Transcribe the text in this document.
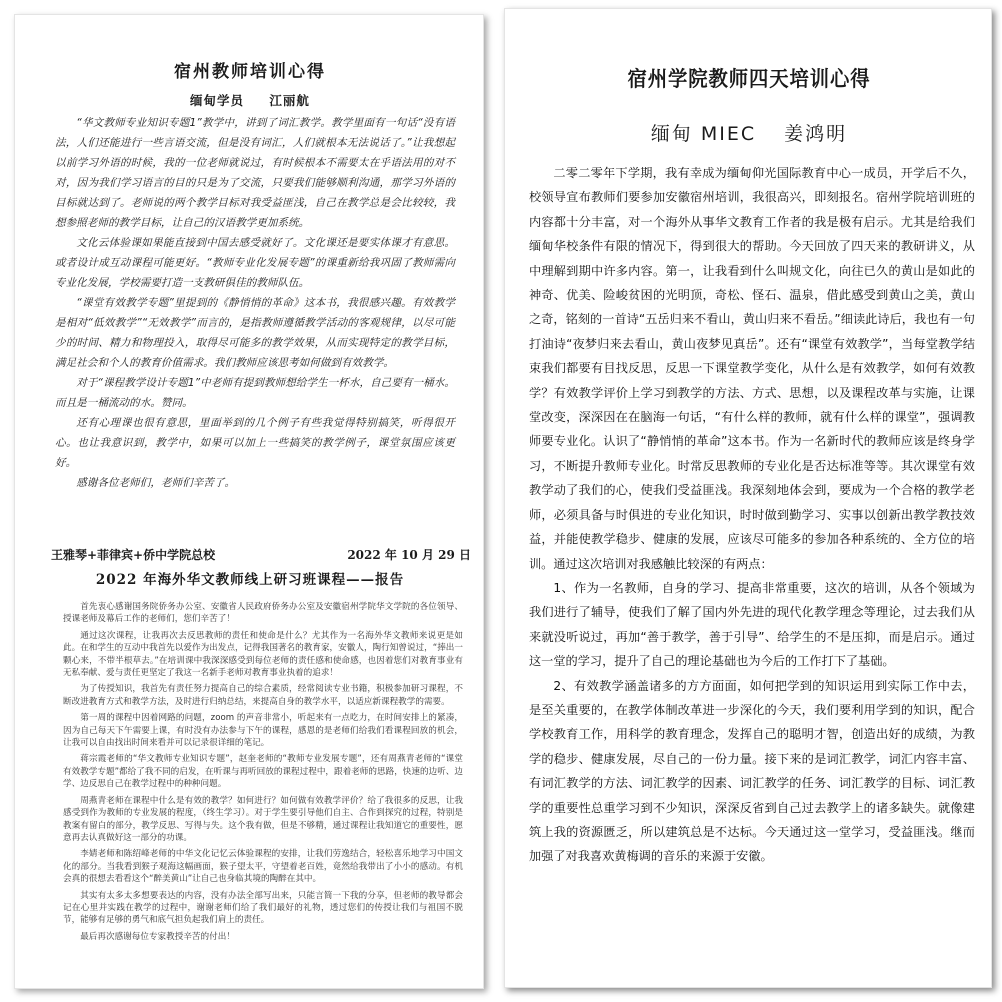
宿州教师培训心得
缅甸学员 江丽航

“华文教师专业知识专题1”教学中，讲到了词汇教学。教学里面有一句话“没有语法，人们还能进行一些言语交流，但是没有词汇，人们就根本无法说话了。”让我想起以前学习外语的时候，我的一位老师就说过，有时候根本不需要太在乎语法用的对不对，因为我们学习语言的目的只是为了交流，只要我们能够顺利沟通，那学习外语的目标就达到了。老师说的两个教学目标对我受益匪浅，自己在教学总是会比较较，我想参照老师的教学目标，让自己的汉语教学更加系统。

文化云体验课如果能直接到中国去感受就好了。文化课还是要实体课才有意思。或者设计成互动课程可能更好。“教师专业化发展专题”的课重新给我巩固了教师需向专业化发展，学校需要打造一支教研俱佳的教师队伍。

“课堂有效教学专题”里提到的《静悄悄的革命》这本书，我很感兴趣。有效教学是相对“低效教学”“无效教学”而言的，是指教师遵循教学活动的客观规律，以尽可能少的时间、精力和物理投入，取得尽可能多的教学效果，从而实现特定的教学目标，满足社会和个人的教育价值需求。我们教师应该思考如何做到有效教学。

对于“课程教学设计专题1”中老师有提到教师想给学生一杯水，自己要有一桶水。而且是一桶流动的水。赞同。

还有心理课也很有意思，里面举到的几个例子有些我觉得特别搞笑，听得很开心。也让我意识到，教学中，如果可以加上一些搞笑的教学例子，课堂氛围应该更好。

感谢各位老师们，老师们辛苦了。

王雅琴+菲律宾+侨中学院总校	2022 年 10 月 29 日
2022 年海外华文教师线上研习班课程——报告

首先衷心感谢国务院侨务办公室、安徽省人民政府侨务办公室及安徽宿州学院华文学院的各位领导、授课老师及幕后工作的老师们，您们辛苦了！

通过这次课程，让我再次去反思教师的责任和使命是什么？尤其作为一名海外华文教师来说更是如此。在和学生的互动中我首先以爱作为出发点，记得我国著名的教育家，安徽人，陶行知曾说过，“捧出一颗心来，不带半根草去。”在培训课中我深深感受到每位老师的责任感和使命感，也因着您们对教育事业有无私奉献、爱与责任更坚定了我这一名新手老师对教育事业执着的追求！

为了传授知识，我首先有责任努力提高自己的综合素质，经常阅读专业书籍，积极参加研习课程，不断改进教育方式和教学方法，及时进行归纳总结，来提高自身的教学水平，以适应新课程教学的需要。

第一周的课程中因着网路的问题，zoom 的声音非常小，听起来有一点吃力，在时间安排上的紧凑，因为自己每天下午需要上课，有时没有办法参与下午的课程，感恩的是老师们给我们看课程回放的机会，让我可以自由找出时间来看并可以记录很详细的笔记。

蒋宗霞老师的“华文教师专业知识专题”，赵奎老师的“教师专业发展专题”，还有周燕青老师的“课堂有效教学专题”都给了我不同的启发，在听课与再听回放的课程过程中，跟着老师的思路，快速的边听、边学、边反思自己在教学过程中的种种问题。

周燕青老师在课程中什么是有效的教学？如何进行？如何做有效教学评价？给了我很多的反思，让我感受到作为教师的专业发展的程度，（终生学习）。对于学生要引导他们自主、合作到探究的过程，特别是教案有留白的部分，教学反思、写得与失。这个我有做，但是不够精，通过课程让我知道它的重要性，愿意再去认真做好这一部分的功课。

李婧老师和陈绍峰老师的中华文化记忆云体验课程的安排，让我们劳逸结合，轻松喜乐地学习中国文化的部分。当我看到猴子观海这幅画面，猴子望太平，守望着老百姓，竟然给我带出了小小的感动。有机会真的很想去看看这个“醉美黄山”让自己也身临其境的陶醉在其中。

其实有太多太多想要表达的内容，没有办法全部写出来，只能言简一下我的分享，但老师的教导都会记在心里并实践在教学的过程中，谢谢老师们给了我们最好的礼物，透过您们的传授让我们与祖国不脱节，能够有足够的勇气和底气担负起我们肩上的责任。

最后再次感谢每位专家教授辛苦的付出！

宿州学院教师四天培训心得
缅甸 MIEC 姜鸿明

二零二零年下学期，我有幸成为缅甸仰光国际教育中心一成员，开学后不久，校领导宣布教师们要参加安徽宿州培训，我很高兴，即刻报名。宿州学院培训班的内容都十分丰富，对一个海外从事华文教育工作者的我是极有启示。尤其是给我们缅甸华校条件有限的情况下，得到很大的帮助。今天回放了四天来的教研讲义，从中理解到期中许多内容。第一，让我看到什么叫规文化，向往已久的黄山是如此的神奇、优美、险峻贫困的光明顶，奇松、怪石、温泉，借此感受到黄山之美，黄山之奇，铭刻的一首诗“五岳归来不看山，黄山归来不看岳。”细读此诗后，我也有一句打油诗“夜梦归来去看山，黄山夜梦见真岳”。还有“课堂有效教学”，当每堂教学结束我们都要有目找反思，反思一下课堂教学变化，从什么是有效教学，如何有效教学？有效教学评价上学习到教学的方法、方式、思想，以及课程改革与实施，让课堂改变，深深因在在脑海一句话，“有什么样的教师，就有什么样的课堂”，强调教师要专业化。认识了“静悄悄的革命”这本书。作为一名新时代的教师应该是终身学习，不断提升教师专业化。时常反思教师的专业化是否达标准等等。其次课堂有效教学动了我们的心，使我们受益匪浅。我深刻地体会到，要成为一个合格的教学老师，必须具备与时俱进的专业化知识，时时做到勤学习、实事以创新出教学教技效益，并能使教学稳步、健康的发展，应该尽可能多的参加各种系统的、全方位的培训。通过这次培训对我感触比较深的有两点：

1、作为一名教师，自身的学习、提高非常重要，这次的培训，从各个领域为我们进行了辅导，使我们了解了国内外先进的现代化教学理念等理论，过去我们从来就没听说过，再加“善于教学，善于引导”、给学生的不是压抑，而是启示。通过这一堂的学习，提升了自己的理论基础也为今后的工作打下了基础。

2、有效教学涵盖诸多的方方面面，如何把学到的知识运用到实际工作中去，是至关重要的，在教学体制改革进一步深化的今天，我们要利用学到的知识，配合学校教育工作，用科学的教育理念，发挥自己的聪明才智，创造出好的成绩，为教学的稳步、健康发展，尽自己的一份力量。接下来的是词汇教学，词汇内容丰富、有词汇教学的方法、词汇教学的因素、词汇教学的任务、词汇教学的目标、词汇教学的重要性总重学习到不少知识，深深反省到自己过去教学上的诸多缺失。就像建筑上我的资源匮乏，所以建筑总是不达标。今天通过这一堂学习，受益匪浅。继而加强了对我喜欢黄梅调的音乐的来源于安徽。
